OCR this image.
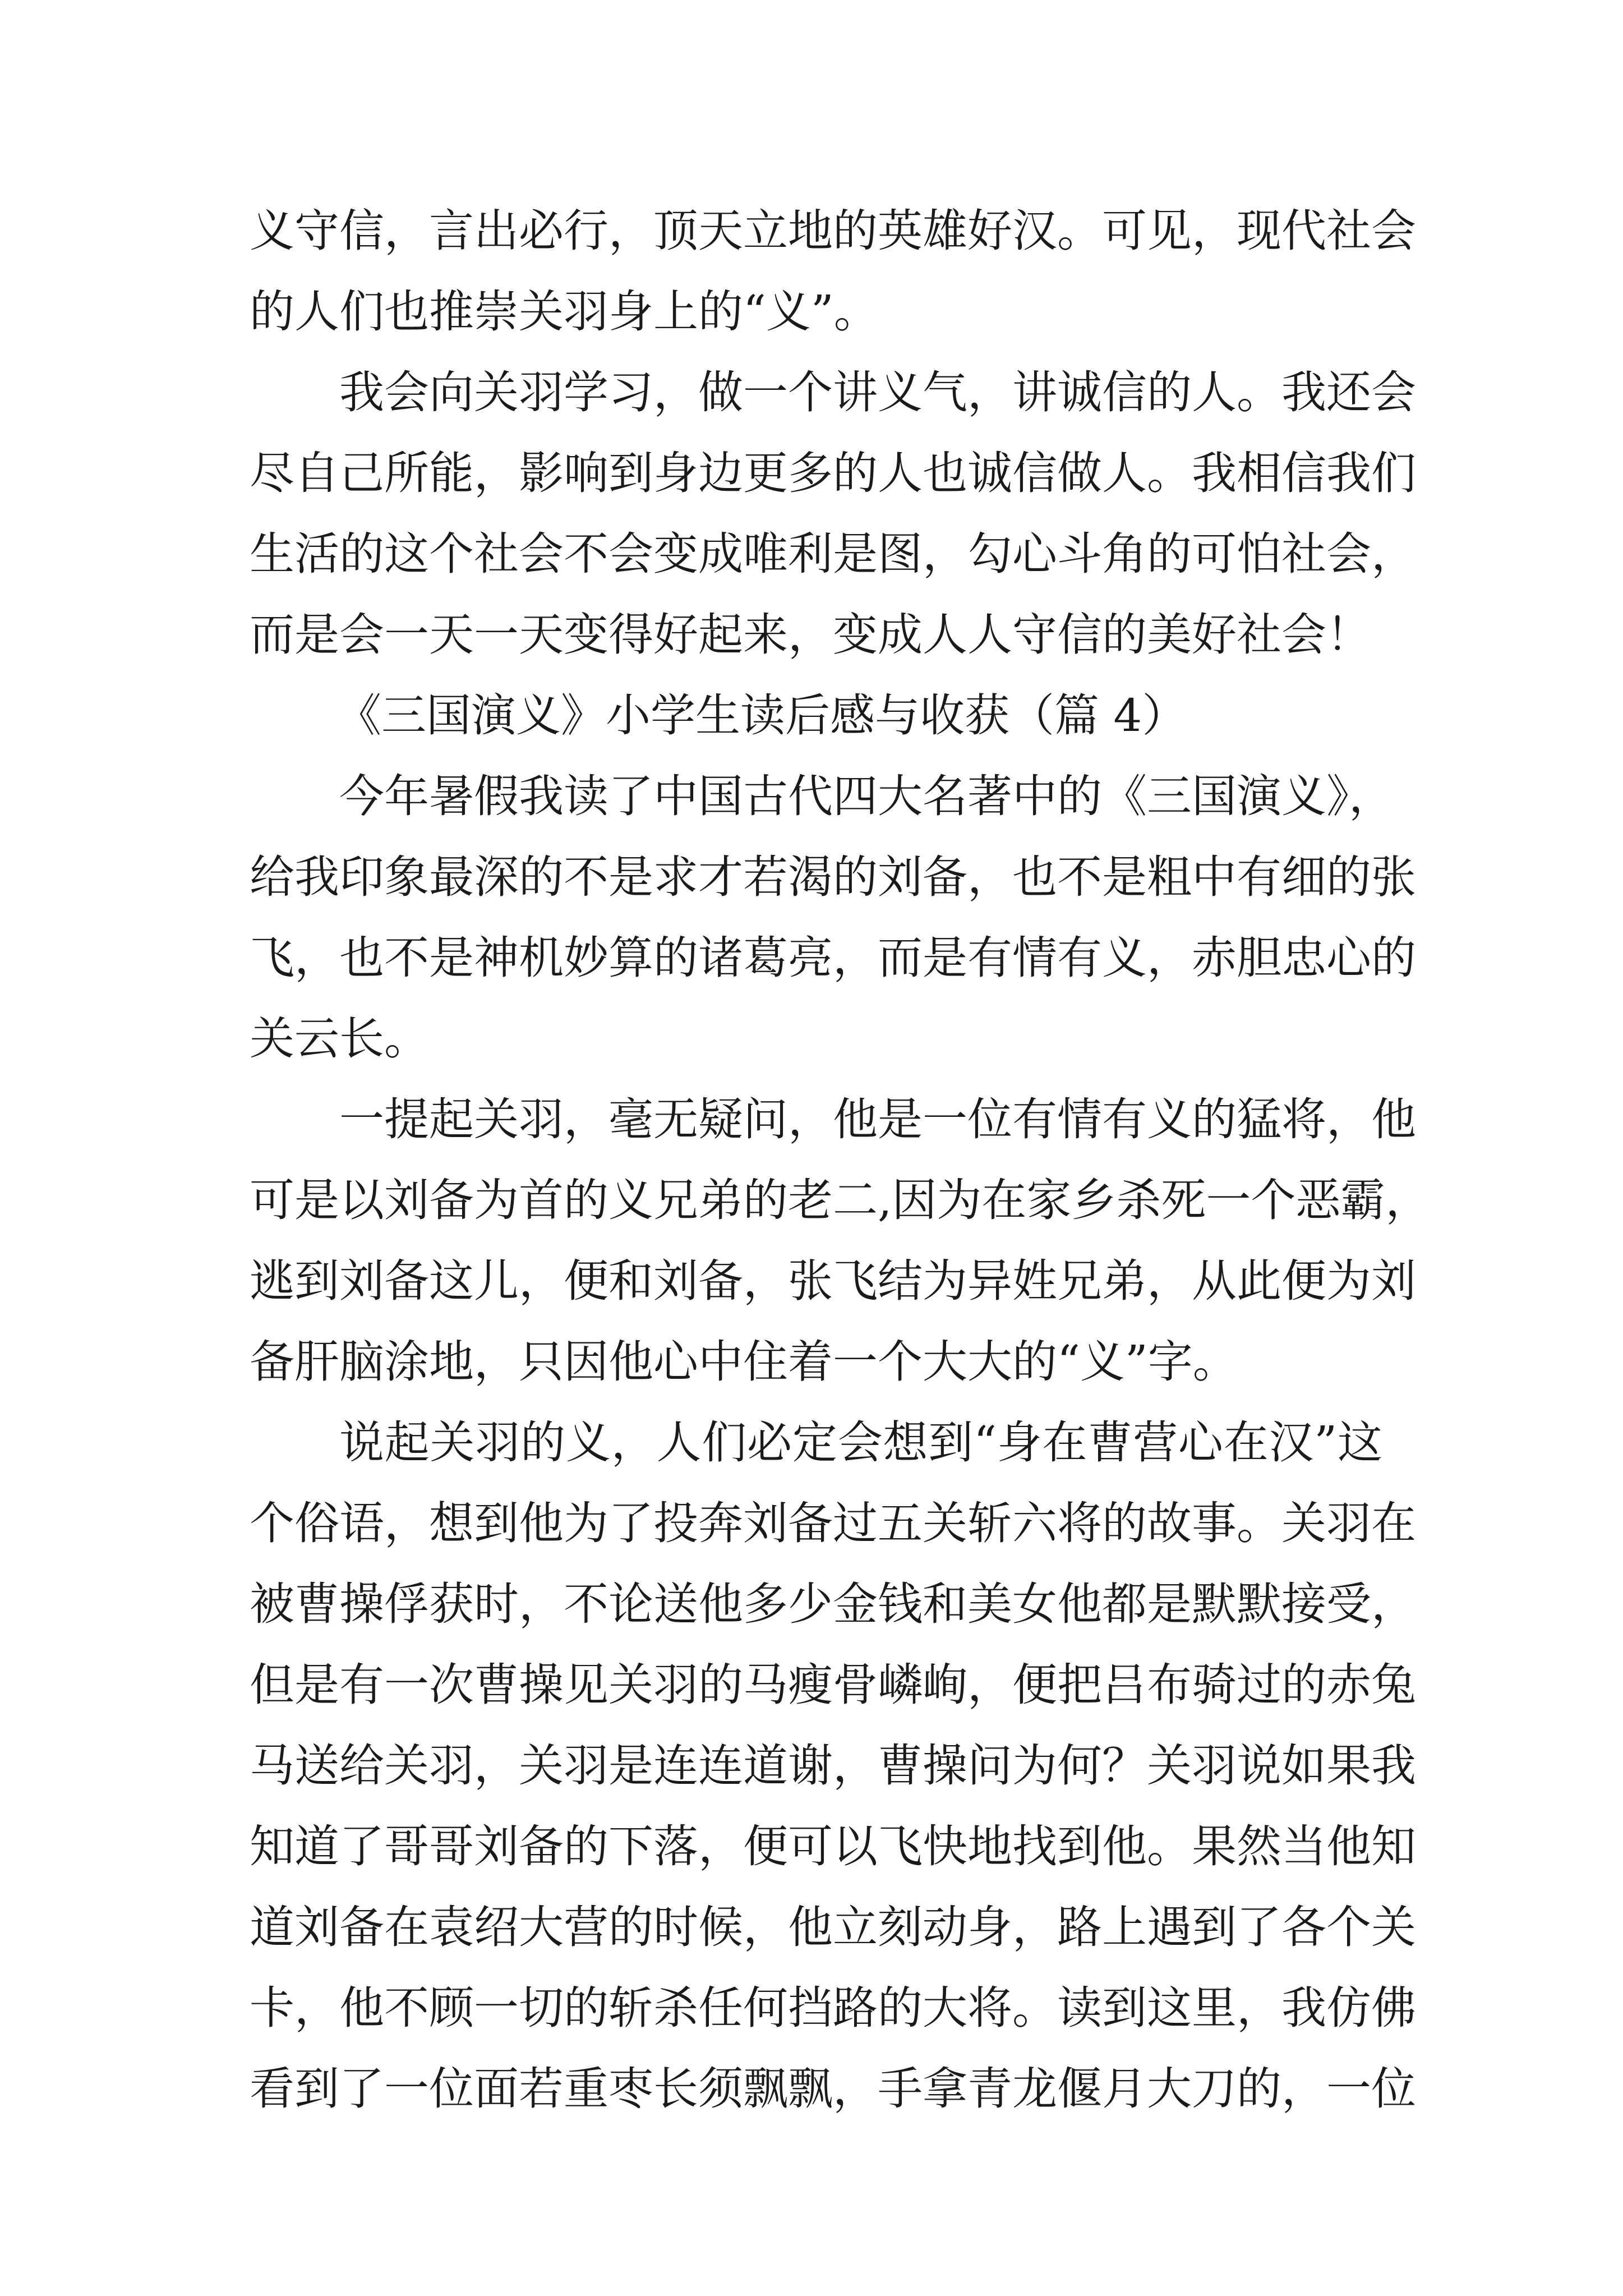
义守信，言出必行，顶天立地的英雄好汉。可见，现代社会
的人们也推崇关羽身上的“义”。
我会向关羽学习，做一个讲义气，讲诚信的人。我还会
尽自己所能，影响到身边更多的人也诚信做人。我相信我们
生活的这个社会不会变成唯利是图，勾心斗角的可怕社会，
而是会一天一天变得好起来，变成人人守信的美好社会！
《三国演义》小学生读后感与收获（篇 4）
今年暑假我读了中国古代四大名著中的《三国演义》，
给我印象最深的不是求才若渴的刘备，也不是粗中有细的张
飞，也不是神机妙算的诸葛亮，而是有情有义，赤胆忠心的
关云长。
一提起关羽，毫无疑问，他是一位有情有义的猛将，他
可是以刘备为首的义兄弟的老二,因为在家乡杀死一个恶霸，
逃到刘备这儿，便和刘备，张飞结为异姓兄弟，从此便为刘
备肝脑涂地，只因他心中住着一个大大的“义”字。
说起关羽的义，人们必定会想到“身在曹营心在汉”这
个俗语，想到他为了投奔刘备过五关斩六将的故事。关羽在
被曹操俘获时，不论送他多少金钱和美女他都是默默接受，
但是有一次曹操见关羽的马瘦骨嶙峋，便把吕布骑过的赤兔
马送给关羽，关羽是连连道谢，曹操问为何？关羽说如果我
知道了哥哥刘备的下落，便可以飞快地找到他。果然当他知
道刘备在袁绍大营的时候，他立刻动身，路上遇到了各个关
卡，他不顾一切的斩杀任何挡路的大将。读到这里，我仿佛
看到了一位面若重枣长须飘飘，手拿青龙偃月大刀的，一位
